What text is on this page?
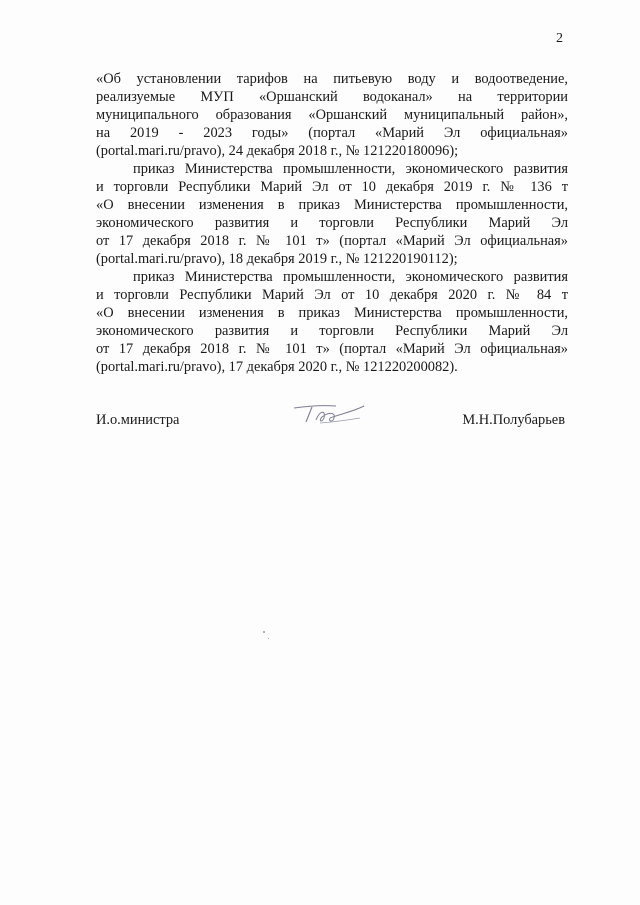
2
«Об установлении тарифов на питьевую воду и водоотведение,
реализуемые МУП «Оршанский водоканал» на территории
муниципального образования «Оршанский муниципальный район»,
на 2019 - 2023 годы» (портал «Марий Эл официальная»
(portal.mari.ru/pravo), 24 декабря 2018 г., № 121220180096);
приказ Министерства промышленности, экономического развития
и торговли Республики Марий Эл от 10 декабря 2019 г. № 136 т
«О внесении изменения в приказ Министерства промышленности,
экономического развития и торговли Республики Марий Эл
от 17 декабря 2018 г. № 101 т» (портал «Марий Эл официальная»
(portal.mari.ru/pravo), 18 декабря 2019 г., № 121220190112);
приказ Министерства промышленности, экономического развития
и торговли Республики Марий Эл от 10 декабря 2020 г. № 84 т
«О внесении изменения в приказ Министерства промышленности,
экономического развития и торговли Республики Марий Эл
от 17 декабря 2018 г. № 101 т» (портал «Марий Эл официальная»
(portal.mari.ru/pravo), 17 декабря 2020 г., № 121220200082).
И.о.министра	М.Н.Полубарьев
